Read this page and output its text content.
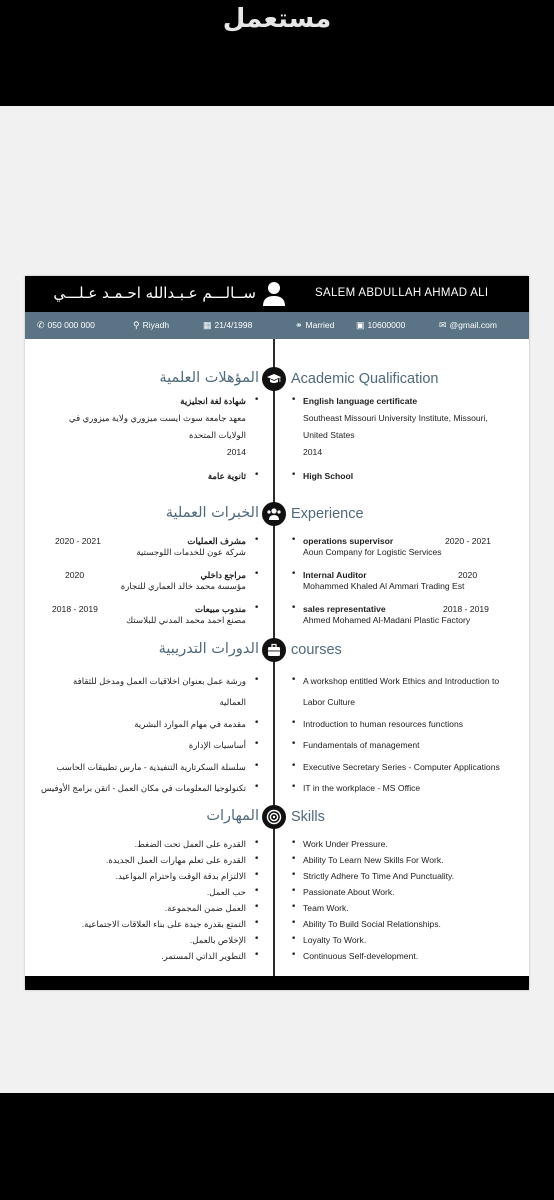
مستعمل
ســالـــم عـبـدالله احـمـد عـلـــي	SALEM ABDULLAH AHMAD ALI
✆ 050 000 000	⚲ Riyadh	▦ 21/4/1998	⚭ Married ▣ 10600000	✉ @gmail.com
Academic Qualification
المؤهلات العلمية
• English language certificate
Southeast Missouri University Institute, Missouri,
United States
2014
• High School
•
شهادة لغة انجليزية
معهد جامعة سوث ايست ميزوري ولاية ميزوري في
الولايات المتحدة
2014
•
ثانوية عامة
Experience
الخبرات العملية
• operations supervisor	2020 - 2021
Aoun Company for Logistic Services
• Internal Auditor	2020
Mohammed Khaled Al Ammari Trading Est
• sales representative	2018 - 2019
Ahmed Mohamed Al-Madani Plastic Factory
•
مشرف العمليات
2020 - 2021
شركة عون للخدمات اللوجستية
•
مراجع داخلي
2020
مؤسسة محمد خالد العماري للتجارة
•
مندوب مبيعات
2018 - 2019
مصنع احمد محمد المدني للبلاستك
courses
الدورات التدريبية
• A workshop entitled Work Ethics and Introduction to
Labor Culture
• Introduction to human resources functions
• Fundamentals of management
• Executive Secretary Series - Computer Applications
• IT in the workplace - MS Office
•
ورشة عمل بعنوان اخلاقيات العمل ومدخل للثقافة
العمالية
•
مقدمة في مهام الموارد البشرية
•
أساسيات الإدارة
•
سلسلة السكرتارية التنفيذية - مارس تطبيقات الحاسب
•
تكنولوجيا المعلومات في مكان العمل - اتقن برامج الأوفيس
Skills
المهارات
• Work Under Pressure.
• Ability To Learn New Skills For Work.
• Strictly Adhere To Time And Punctuality.
• Passionate About Work.
• Team Work.
• Ability To Build Social Relationships.
• Loyalty To Work.
• Continuous Self-development.
•
القدرة على العمل تحت الضغط.
•
القدرة على تعلم مهارات العمل الجديدة.
•
الالتزام بدقة الوقت واحترام المواعيد.
•
حب العمل.
•
العمل ضمن المجموعة.
•
التمتع بقدرة جيدة على بناء العلاقات الاجتماعية.
•
الإخلاص بالعمل.
•
التطوير الذاتي المستمر.
